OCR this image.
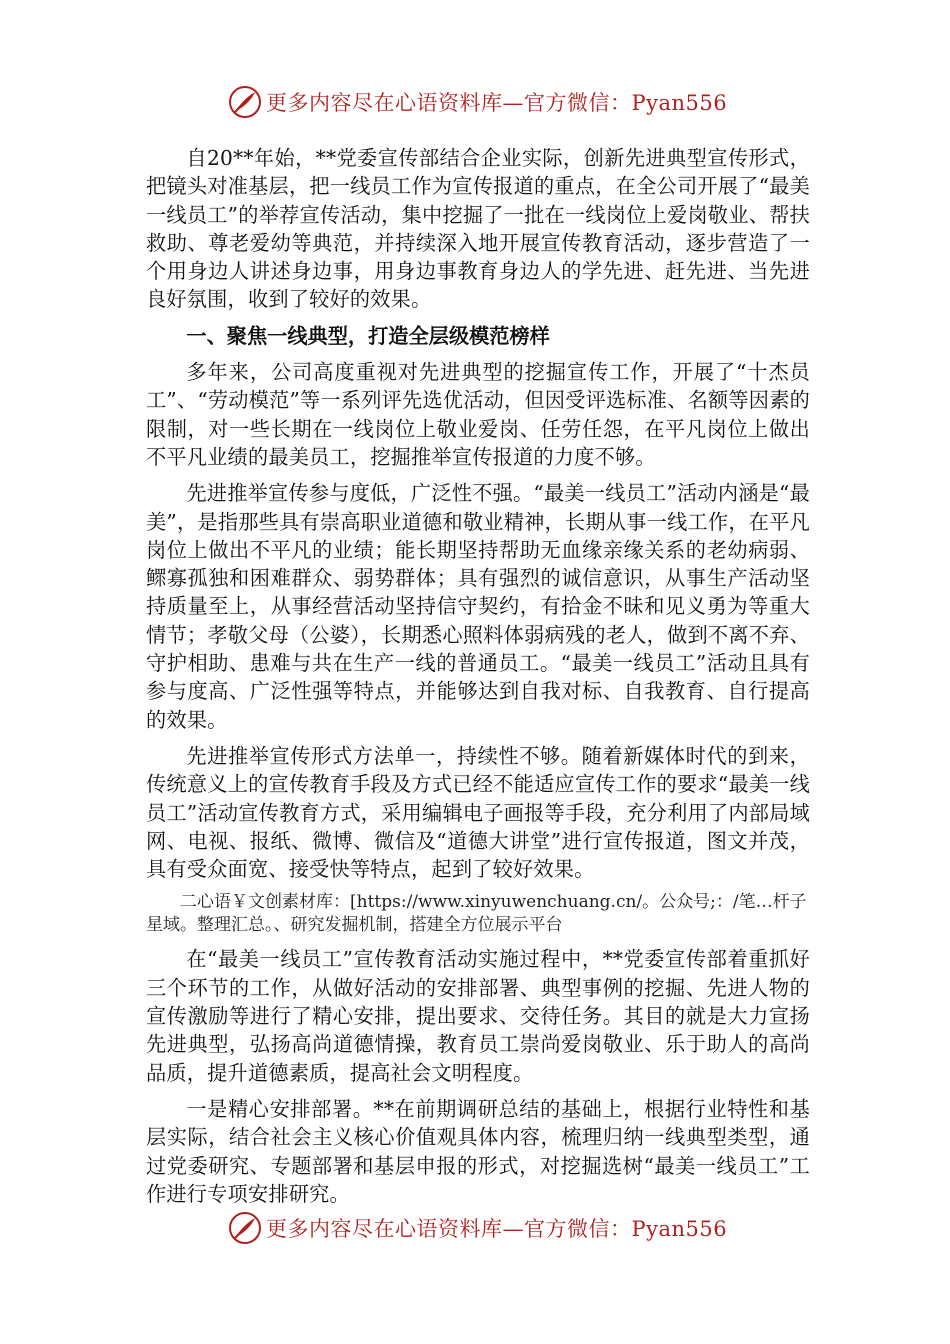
更多内容尽在心语资料库—官方微信：Pyan556

自20**年始，**党委宣传部结合企业实际，创新先进典型宣传形式，把镜头对准基层，把一线员工作为宣传报道的重点，在全公司开展了“最美一线员工”的举荐宣传活动，集中挖掘了一批在一线岗位上爱岗敬业、帮扶救助、尊老爱幼等典范，并持续深入地开展宣传教育活动，逐步营造了一个用身边人讲述身边事，用身边事教育身边人的学先进、赶先进、当先进良好氛围，收到了较好的效果。

一、聚焦一线典型，打造全层级模范榜样

多年来，公司高度重视对先进典型的挖掘宣传工作，开展了“十杰员工”、“劳动模范”等一系列评先选优活动，但因受评选标准、名额等因素的限制，对一些长期在一线岗位上敬业爱岗、任劳任怨，在平凡岗位上做出不平凡业绩的最美员工，挖掘推举宣传报道的力度不够。

先进推举宣传参与度低，广泛性不强。“最美一线员工”活动内涵是“最美”，是指那些具有崇高职业道德和敬业精神，长期从事一线工作，在平凡岗位上做出不平凡的业绩；能长期坚持帮助无血缘亲缘关系的老幼病弱、鳏寡孤独和困难群众、弱势群体；具有强烈的诚信意识，从事生产活动坚持质量至上，从事经营活动坚持信守契约，有拾金不昧和见义勇为等重大情节；孝敬父母（公婆），长期悉心照料体弱病残的老人，做到不离不弃、守护相助、患难与共在生产一线的普通员工。“最美一线员工”活动且具有参与度高、广泛性强等特点，并能够达到自我对标、自我教育、自行提高的效果。

先进推举宣传形式方法单一，持续性不够。随着新媒体时代的到来，传统意义上的宣传教育手段及方式已经不能适应宣传工作的要求“最美一线员工”活动宣传教育方式，采用编辑电子画报等手段，充分利用了内部局域网、电视、报纸、微博、微信及“道德大讲堂”进行宣传报道，图文并茂，具有受众面宽、接受快等特点，起到了较好效果。

二心语￥文创素材库：[https://www.xinyuwenchuang.cn/。公众号;：/笔…杆子星域。整理汇总。、研究发掘机制，搭建全方位展示平台

在“最美一线员工”宣传教育活动实施过程中，**党委宣传部着重抓好三个环节的工作，从做好活动的安排部署、典型事例的挖掘、先进人物的宣传激励等进行了精心安排，提出要求、交待任务。其目的就是大力宣扬先进典型，弘扬高尚道德情操，教育员工崇尚爱岗敬业、乐于助人的高尚品质，提升道德素质，提高社会文明程度。

一是精心安排部署。**在前期调研总结的基础上，根据行业特性和基层实际，结合社会主义核心价值观具体内容，梳理归纳一线典型类型，通过党委研究、专题部署和基层申报的形式，对挖掘选树“最美一线员工”工作进行专项安排研究。

更多内容尽在心语资料库—官方微信：Pyan556
